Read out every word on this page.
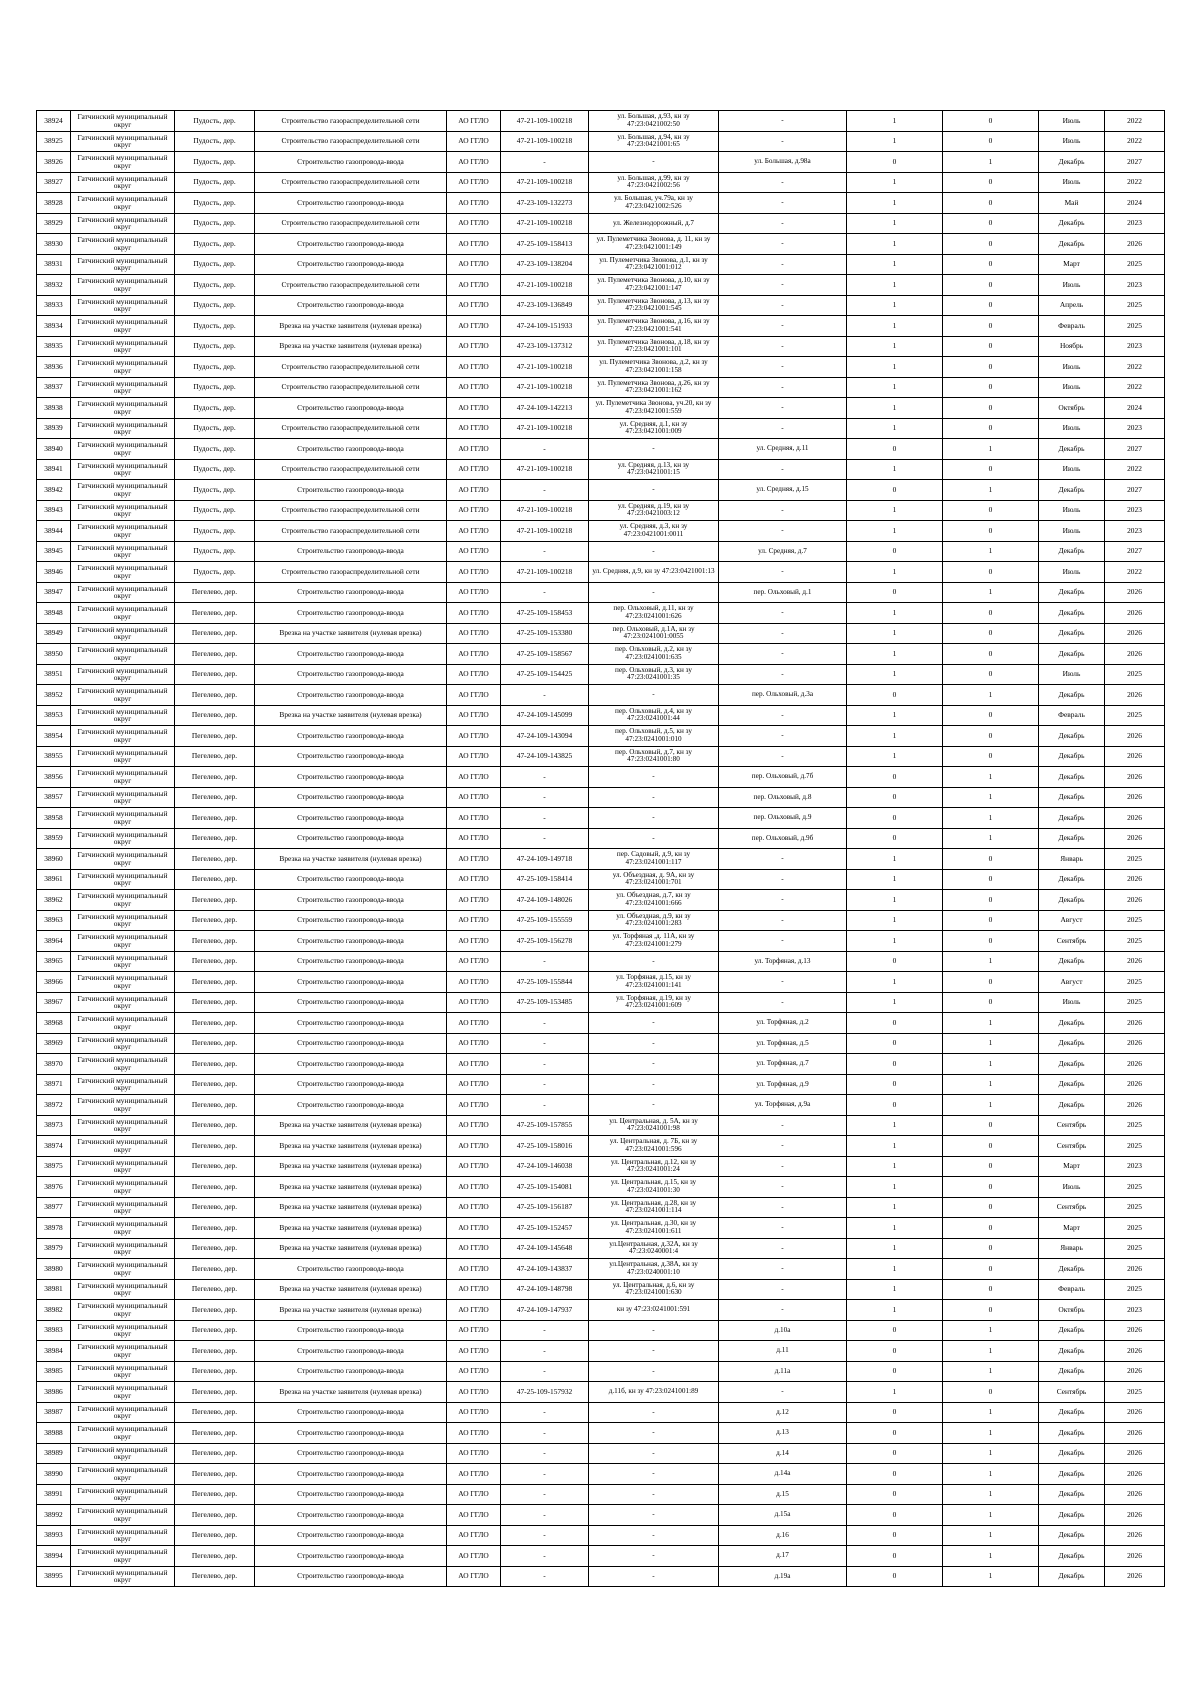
38924	Гатчинский муниципальный округ	Пудость, дер.	Строительство газораспределительной сети	АО ГГЛО	47-21-109-100218	ул. Большая, д.93, кн зу 47:23:0421002:50	-	1	0	Июль	2022
38925	Гатчинский муниципальный округ	Пудость, дер.	Строительство газораспределительной сети	АО ГГЛО	47-21-109-100218	ул. Большая, д.94, кн зу 47:23:0421001:65	-	1	0	Июль	2022
38926	Гатчинский муниципальный округ	Пудость, дер.	Строительство газопровода-ввода	АО ГГЛО	-	-	ул. Большая, д.98а	0	1	Декабрь	2027
38927	Гатчинский муниципальный округ	Пудость, дер.	Строительство газораспределительной сети	АО ГГЛО	47-21-109-100218	ул. Большая, д.99, кн зу 47:23:0421002:56	-	1	0	Июль	2022
38928	Гатчинский муниципальный округ	Пудость, дер.	Строительство газопровода-ввода	АО ГГЛО	47-23-109-132273	ул. Большая, уч.79а, кн зу 47:23:0421002:526	-	1	0	Май	2024
38929	Гатчинский муниципальный округ	Пудость, дер.	Строительство газораспределительной сети	АО ГГЛО	47-21-109-100218	ул. Железнодорожный, д.7	-	1	0	Декабрь	2023
38930	Гатчинский муниципальный округ	Пудость, дер.	Строительство газопровода-ввода	АО ГГЛО	47-25-109-158413	ул. Пулеметчика Звонова, д. 11, кн зу 47:23:0421001:149	-	1	0	Декабрь	2026
38931	Гатчинский муниципальный округ	Пудость, дер.	Строительство газопровода-ввода	АО ГГЛО	47-23-109-138204	ул. Пулеметчика Звонова, д.1, кн зу 47:23:0421001:012	-	1	0	Март	2025
38932	Гатчинский муниципальный округ	Пудость, дер.	Строительство газораспределительной сети	АО ГГЛО	47-21-109-100218	ул. Пулеметчика Звонова, д.10, кн зу 47:23:0421001:147	-	1	0	Июль	2023
38933	Гатчинский муниципальный округ	Пудость, дер.	Строительство газопровода-ввода	АО ГГЛО	47-23-109-136849	ул. Пулеметчика Звонова, д.13, кн зу 47:23:0421001:545	-	1	0	Апрель	2025
38934	Гатчинский муниципальный округ	Пудость, дер.	Врезка на участке заявителя (нулевая врезка)	АО ГГЛО	47-24-109-151933	ул. Пулеметчика Звонова, д.16, кн зу 47:23:0421001:541	-	1	0	Февраль	2025
38935	Гатчинский муниципальный округ	Пудость, дер.	Врезка на участке заявителя (нулевая врезка)	АО ГГЛО	47-23-109-137312	ул. Пулеметчика Звонова, д.18, кн зу 47:23:0421001:101	-	1	0	Ноябрь	2023
38936	Гатчинский муниципальный округ	Пудость, дер.	Строительство газораспределительной сети	АО ГГЛО	47-21-109-100218	ул. Пулеметчика Звонова, д.2, кн зу 47:23:0421001:158	-	1	0	Июль	2022
38937	Гатчинский муниципальный округ	Пудость, дер.	Строительство газораспределительной сети	АО ГГЛО	47-21-109-100218	ул. Пулеметчика Звонова, д.26, кн зу 47:23:0421001:162	-	1	0	Июль	2022
38938	Гатчинский муниципальный округ	Пудость, дер.	Строительство газопровода-ввода	АО ГГЛО	47-24-109-142213	ул. Пулеметчика Звонова, уч.20, кн зу 47:23:0421001:559	-	1	0	Октябрь	2024
38939	Гатчинский муниципальный округ	Пудость, дер.	Строительство газораспределительной сети	АО ГГЛО	47-21-109-100218	ул. Средняя, д.1, кн зу 47:23:0421001:009	-	1	0	Июль	2023
38940	Гатчинский муниципальный округ	Пудость, дер.	Строительство газопровода-ввода	АО ГГЛО	-	-	ул. Средняя, д.11	0	1	Декабрь	2027
38941	Гатчинский муниципальный округ	Пудость, дер.	Строительство газораспределительной сети	АО ГГЛО	47-21-109-100218	ул. Средняя, д.13, кн зу 47:23:0421001:15	-	1	0	Июль	2022
38942	Гатчинский муниципальный округ	Пудость, дер.	Строительство газопровода-ввода	АО ГГЛО	-	-	ул. Средняя, д.15	0	1	Декабрь	2027
38943	Гатчинский муниципальный округ	Пудость, дер.	Строительство газораспределительной сети	АО ГГЛО	47-21-109-100218	ул. Средняя, д.19, кн зу 47:23:0421003:12	-	1	0	Июль	2023
38944	Гатчинский муниципальный округ	Пудость, дер.	Строительство газораспределительной сети	АО ГГЛО	47-21-109-100218	ул. Средняя, д.3, кн зу 47:23:0421001:0011	-	1	0	Июль	2023
38945	Гатчинский муниципальный округ	Пудость, дер.	Строительство газопровода-ввода	АО ГГЛО	-	-	ул. Средняя, д.7	0	1	Декабрь	2027
38946	Гатчинский муниципальный округ	Пудость, дер.	Строительство газораспределительной сети	АО ГГЛО	47-21-109-100218	ул. Средняя, д.9, кн зу 47:23:0421001:13	-	1	0	Июль	2022
38947	Гатчинский муниципальный округ	Пегелево, дер.	Строительство газопровода-ввода	АО ГГЛО	-	-	пер. Ольховый, д.1	0	1	Декабрь	2026
38948	Гатчинский муниципальный округ	Пегелево, дер.	Строительство газопровода-ввода	АО ГГЛО	47-25-109-158453	пер. Ольховый, д.11, кн зу 47:23:0241001:626	-	1	0	Декабрь	2026
38949	Гатчинский муниципальный округ	Пегелево, дер.	Врезка на участке заявителя (нулевая врезка)	АО ГГЛО	47-25-109-153380	пер. Ольховый, д.1А, кн зу 47:23:0241001:0055	-	1	0	Декабрь	2026
38950	Гатчинский муниципальный округ	Пегелево, дер.	Строительство газопровода-ввода	АО ГГЛО	47-25-109-158567	пер. Ольховый, д.2, кн зу 47:23:0241001:635	-	1	0	Декабрь	2026
38951	Гатчинский муниципальный округ	Пегелево, дер.	Строительство газопровода-ввода	АО ГГЛО	47-25-109-154425	пер. Ольховый, д.3, кн зу 47:23:0241001:35	-	1	0	Июль	2025
38952	Гатчинский муниципальный округ	Пегелево, дер.	Строительство газопровода-ввода	АО ГГЛО	-	-	пер. Ольховый, д.3а	0	1	Декабрь	2026
38953	Гатчинский муниципальный округ	Пегелево, дер.	Врезка на участке заявителя (нулевая врезка)	АО ГГЛО	47-24-109-145099	пер. Ольховый, д.4, кн зу 47:23:0241001:44	-	1	0	Февраль	2025
38954	Гатчинский муниципальный округ	Пегелево, дер.	Строительство газопровода-ввода	АО ГГЛО	47-24-109-143094	пер. Ольховый, д.5, кн зу 47:23:0241001:010	-	1	0	Декабрь	2026
38955	Гатчинский муниципальный округ	Пегелево, дер.	Строительство газопровода-ввода	АО ГГЛО	47-24-109-143825	пер. Ольховый, д.7, кн зу 47:23:0241001:80	-	1	0	Декабрь	2026
38956	Гатчинский муниципальный округ	Пегелево, дер.	Строительство газопровода-ввода	АО ГГЛО	-	-	пер. Ольховый, д.7б	0	1	Декабрь	2026
38957	Гатчинский муниципальный округ	Пегелево, дер.	Строительство газопровода-ввода	АО ГГЛО	-	-	пер. Ольховый, д.8	0	1	Декабрь	2026
38958	Гатчинский муниципальный округ	Пегелево, дер.	Строительство газопровода-ввода	АО ГГЛО	-	-	пер. Ольховый, д.9	0	1	Декабрь	2026
38959	Гатчинский муниципальный округ	Пегелево, дер.	Строительство газопровода-ввода	АО ГГЛО	-	-	пер. Ольховый, д.9б	0	1	Декабрь	2026
38960	Гатчинский муниципальный округ	Пегелево, дер.	Врезка на участке заявителя (нулевая врезка)	АО ГГЛО	47-24-109-149718	пер. Садовый, д.9, кн зу 47:23:0241001:117	-	1	0	Январь	2025
38961	Гатчинский муниципальный округ	Пегелево, дер.	Строительство газопровода-ввода	АО ГГЛО	47-25-109-158414	ул. Объездная, д. 9А, кн зу 47:23:0241001:701	-	1	0	Декабрь	2026
38962	Гатчинский муниципальный округ	Пегелево, дер.	Строительство газопровода-ввода	АО ГГЛО	47-24-109-148026	ул. Объездная, д.7, кн зу 47:23:0241001:666	-	1	0	Декабрь	2026
38963	Гатчинский муниципальный округ	Пегелево, дер.	Строительство газопровода-ввода	АО ГГЛО	47-25-109-155559	ул. Объездная, д.9, кн зу 47:23:0241001:283	-	1	0	Август	2025
38964	Гатчинский муниципальный округ	Пегелево, дер.	Строительство газопровода-ввода	АО ГГЛО	47-25-109-156278	ул. Торфяная ,д. 11А, кн зу 47:23:0241001:279	-	1	0	Сентябрь	2025
38965	Гатчинский муниципальный округ	Пегелево, дер.	Строительство газопровода-ввода	АО ГГЛО	-	-	ул. Торфяная, д.13	0	1	Декабрь	2026
38966	Гатчинский муниципальный округ	Пегелево, дер.	Строительство газопровода-ввода	АО ГГЛО	47-25-109-155844	ул. Торфяная, д.15, кн зу 47:23:0241001:141	-	1	0	Август	2025
38967	Гатчинский муниципальный округ	Пегелево, дер.	Строительство газопровода-ввода	АО ГГЛО	47-25-109-153485	ул. Торфяная, д.19, кн зу 47:23:0241001:609	-	1	0	Июль	2025
38968	Гатчинский муниципальный округ	Пегелево, дер.	Строительство газопровода-ввода	АО ГГЛО	-	-	ул. Торфяная, д.2	0	1	Декабрь	2026
38969	Гатчинский муниципальный округ	Пегелево, дер.	Строительство газопровода-ввода	АО ГГЛО	-	-	ул. Торфяная, д.5	0	1	Декабрь	2026
38970	Гатчинский муниципальный округ	Пегелево, дер.	Строительство газопровода-ввода	АО ГГЛО	-	-	ул. Торфяная, д.7	0	1	Декабрь	2026
38971	Гатчинский муниципальный округ	Пегелево, дер.	Строительство газопровода-ввода	АО ГГЛО	-	-	ул. Торфяная, д.9	0	1	Декабрь	2026
38972	Гатчинский муниципальный округ	Пегелево, дер.	Строительство газопровода-ввода	АО ГГЛО	-	-	ул. Торфяная, д.9а	0	1	Декабрь	2026
38973	Гатчинский муниципальный округ	Пегелево, дер.	Врезка на участке заявителя (нулевая врезка)	АО ГГЛО	47-25-109-157855	ул. Центральная, д. 5А, кн зу 47:23:0241001:98	-	1	0	Сентябрь	2025
38974	Гатчинский муниципальный округ	Пегелево, дер.	Врезка на участке заявителя (нулевая врезка)	АО ГГЛО	47-25-109-158016	ул. Центральная, д. 7Б, кн зу 47:23:0241001:596	-	1	0	Сентябрь	2025
38975	Гатчинский муниципальный округ	Пегелево, дер.	Врезка на участке заявителя (нулевая врезка)	АО ГГЛО	47-24-109-146038	ул. Центральная, д.12, кн зу 47:23:0241001:24	-	1	0	Март	2023
38976	Гатчинский муниципальный округ	Пегелево, дер.	Врезка на участке заявителя (нулевая врезка)	АО ГГЛО	47-25-109-154081	ул. Центральная, д.15, кн зу 47:23:0241001:30	-	1	0	Июль	2025
38977	Гатчинский муниципальный округ	Пегелево, дер.	Врезка на участке заявителя (нулевая врезка)	АО ГГЛО	47-25-109-156187	ул. Центральная, д.28, кн зу 47:23:0241001:114	-	1	0	Сентябрь	2025
38978	Гатчинский муниципальный округ	Пегелево, дер.	Врезка на участке заявителя (нулевая врезка)	АО ГГЛО	47-25-109-152457	ул. Центральная, д.30, кн зу 47:23:0241001:611	-	1	0	Март	2025
38979	Гатчинский муниципальный округ	Пегелево, дер.	Врезка на участке заявителя (нулевая врезка)	АО ГГЛО	47-24-109-145648	ул.Центральная, д.32А, кн зу 47:23:0240001:4	-	1	0	Январь	2025
38980	Гатчинский муниципальный округ	Пегелево, дер.	Строительство газопровода-ввода	АО ГГЛО	47-24-109-143837	ул.Центральная, д.38А, кн зу 47:23:0240001:10	-	1	0	Декабрь	2026
38981	Гатчинский муниципальный округ	Пегелево, дер.	Врезка на участке заявителя (нулевая врезка)	АО ГГЛО	47-24-109-148798	ул. Центральная, д.6, кн зу 47:23:0241001:630	-	1	0	Февраль	2025
38982	Гатчинский муниципальный округ	Пегелево, дер.	Врезка на участке заявителя (нулевая врезка)	АО ГГЛО	47-24-109-147937	кн зу 47:23:0241001:591	-	1	0	Октябрь	2023
38983	Гатчинский муниципальный округ	Пегелево, дер.	Строительство газопровода-ввода	АО ГГЛО	-	-	д.10а	0	1	Декабрь	2026
38984	Гатчинский муниципальный округ	Пегелево, дер.	Строительство газопровода-ввода	АО ГГЛО	-	-	д.11	0	1	Декабрь	2026
38985	Гатчинский муниципальный округ	Пегелево, дер.	Строительство газопровода-ввода	АО ГГЛО	-	-	д.11а	0	1	Декабрь	2026
38986	Гатчинский муниципальный округ	Пегелево, дер.	Врезка на участке заявителя (нулевая врезка)	АО ГГЛО	47-25-109-157932	д.11б, кн зу 47:23:0241001:89	-	1	0	Сентябрь	2025
38987	Гатчинский муниципальный округ	Пегелево, дер.	Строительство газопровода-ввода	АО ГГЛО	-	-	д.12	0	1	Декабрь	2026
38988	Гатчинский муниципальный округ	Пегелево, дер.	Строительство газопровода-ввода	АО ГГЛО	-	-	д.13	0	1	Декабрь	2026
38989	Гатчинский муниципальный округ	Пегелево, дер.	Строительство газопровода-ввода	АО ГГЛО	-	-	д.14	0	1	Декабрь	2026
38990	Гатчинский муниципальный округ	Пегелево, дер.	Строительство газопровода-ввода	АО ГГЛО	-	-	д.14а	0	1	Декабрь	2026
38991	Гатчинский муниципальный округ	Пегелево, дер.	Строительство газопровода-ввода	АО ГГЛО	-	-	д.15	0	1	Декабрь	2026
38992	Гатчинский муниципальный округ	Пегелево, дер.	Строительство газопровода-ввода	АО ГГЛО	-	-	д.15а	0	1	Декабрь	2026
38993	Гатчинский муниципальный округ	Пегелево, дер.	Строительство газопровода-ввода	АО ГГЛО	-	-	д.16	0	1	Декабрь	2026
38994	Гатчинский муниципальный округ	Пегелево, дер.	Строительство газопровода-ввода	АО ГГЛО	-	-	д.17	0	1	Декабрь	2026
38995	Гатчинский муниципальный округ	Пегелево, дер.	Строительство газопровода-ввода	АО ГГЛО	-	-	д.19а	0	1	Декабрь	2026
